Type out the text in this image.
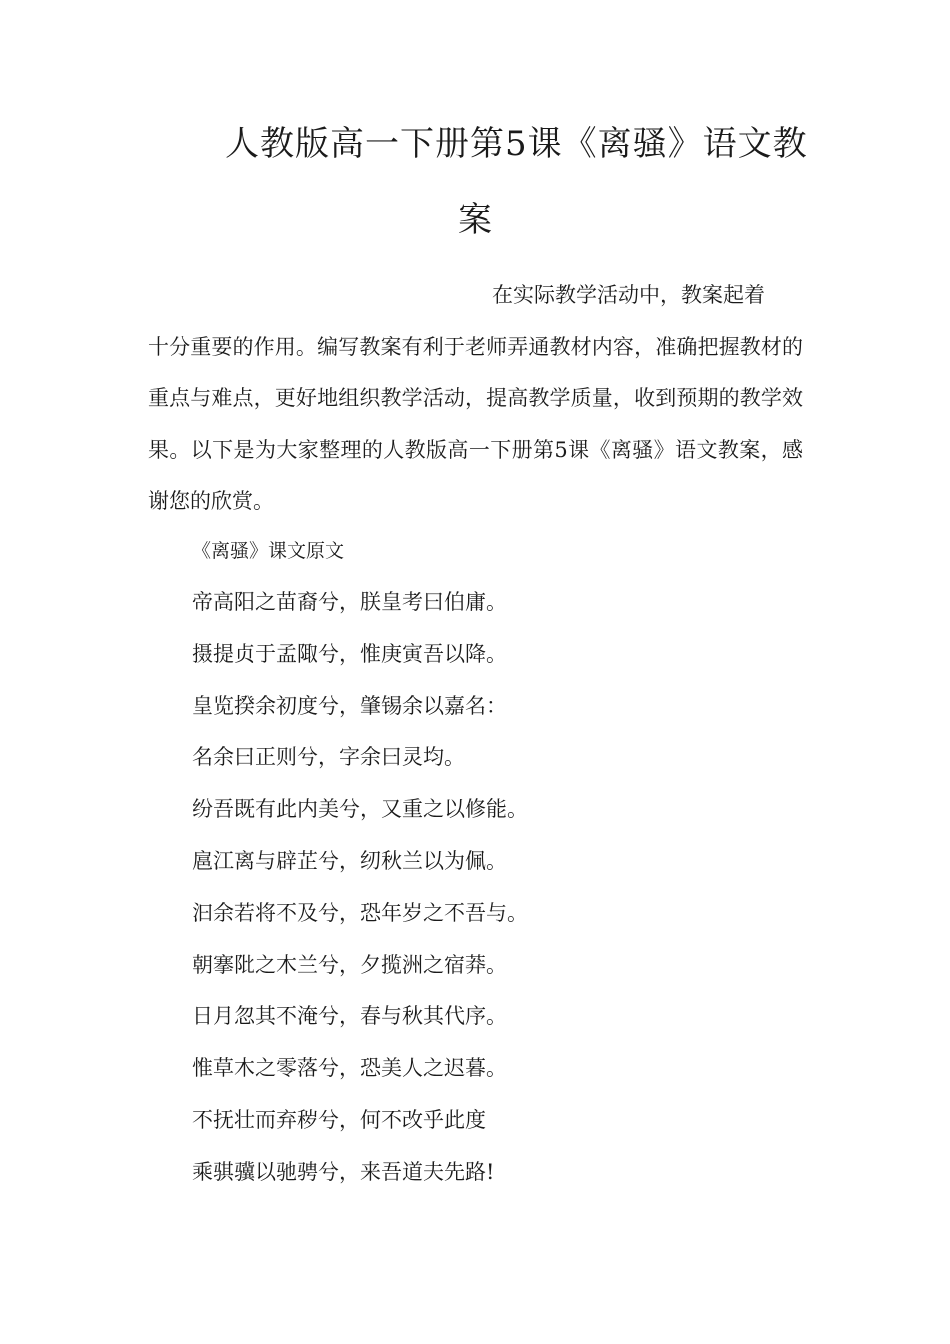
人教版高一下册第5课《离骚》语文教
案
在实际教学活动中，教案起着
十分重要的作用。编写教案有利于老师弄通教材内容，准确把握教材的重点与难点，更好地组织教学活动，提高教学质量，收到预期的教学效果。以下是为大家整理的人教版高一下册第5课《离骚》语文教案，感谢您的欣赏。
《离骚》课文原文
帝高阳之苗裔兮，朕皇考曰伯庸。
摄提贞于孟陬兮，惟庚寅吾以降。
皇览揆余初度兮，肇锡余以嘉名：
名余曰正则兮，字余曰灵均。
纷吾既有此内美兮，又重之以修能。
扈江离与辟芷兮，纫秋兰以为佩。
汩余若将不及兮，恐年岁之不吾与。
朝搴阰之木兰兮，夕揽洲之宿莽。
日月忽其不淹兮，春与秋其代序。
惟草木之零落兮，恐美人之迟暮。
不抚壮而弃秽兮，何不改乎此度
乘骐骥以驰骋兮，来吾道夫先路!
